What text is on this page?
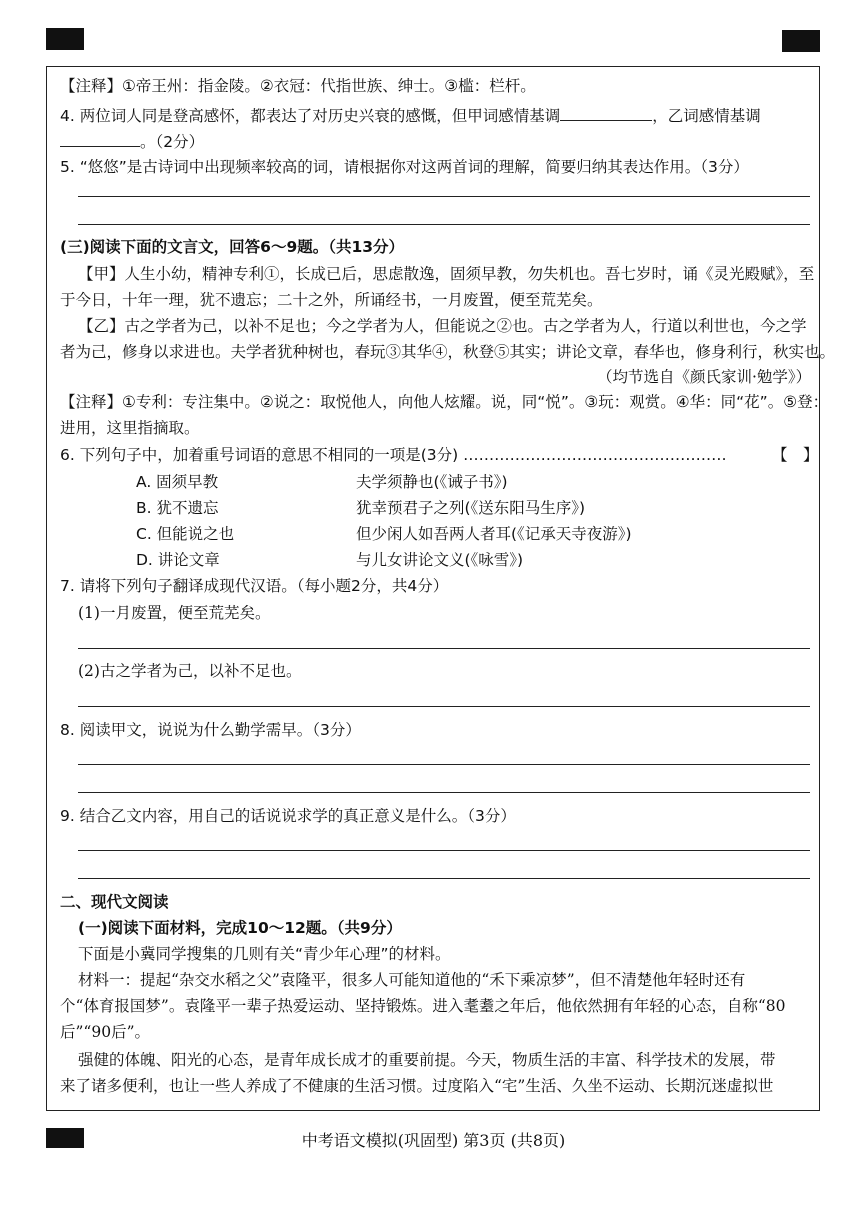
【注释】①帝王州：指金陵。②衣冠：代指世族、绅士。③槛：栏杆。
4. 两位词人同是登高感怀，都表达了对历史兴衰的感慨，但甲词感情基调	，乙词感情基调
。（2分）
5. “悠悠”是古诗词中出现频率较高的词，请根据你对这两首词的理解，简要归纳其表达作用。（3分）
(三)阅读下面的文言文，回答6～9题。（共13分）
【甲】人生小幼，精神专利①，长成已后，思虑散逸，固须早教，勿失机也。吾七岁时，诵《灵光殿赋》，至
于今日，十年一理，犹不遗忘；二十之外，所诵经书，一月废置，便至荒芜矣。
【乙】古之学者为己，以补不足也；今之学者为人，但能说之②也。古之学者为人，行道以利世也，今之学
者为己，修身以求进也。夫学者犹种树也，春玩③其华④，秋登⑤其实；讲论文章，春华也，修身利行，秋实也。
（均节选自《颜氏家训·勉学》）
【注释】①专利：专注集中。②说之：取悦他人，向他人炫耀。说，同“悦”。③玩：观赏。④华：同“花”。⑤登：
进用，这里指摘取。
6. 下列句子中，加着重号词语的意思不相同的一项是(3分) ……………………………………………	【　】
A. 固须早教	夫学须静也(《诫子书》)
B. 犹不遗忘	犹幸预君子之列(《送东阳马生序》)
C. 但能说之也	但少闲人如吾两人者耳(《记承天寺夜游》)
D. 讲论文章	与儿女讲论文义(《咏雪》)
7. 请将下列句子翻译成现代汉语。（每小题2分，共4分）
(1)一月废置，便至荒芜矣。
(2)古之学者为己，以补不足也。
8. 阅读甲文，说说为什么勤学需早。（3分）
9. 结合乙文内容，用自己的话说说求学的真正意义是什么。（3分）
二、现代文阅读
(一)阅读下面材料，完成10～12题。（共9分）
下面是小冀同学搜集的几则有关“青少年心理”的材料。
材料一：提起“杂交水稻之父”袁隆平，很多人可能知道他的“禾下乘凉梦”，但不清楚他年轻时还有
个“体育报国梦”。袁隆平一辈子热爱运动、坚持锻炼。进入耄耋之年后，他依然拥有年轻的心态，自称“80
后”“90后”。
强健的体魄、阳光的心态，是青年成长成才的重要前提。今天，物质生活的丰富、科学技术的发展，带
来了诸多便利，也让一些人养成了不健康的生活习惯。过度陷入“宅”生活、久坐不运动、长期沉迷虚拟世
中考语文模拟(巩固型) 第3页 (共8页)
